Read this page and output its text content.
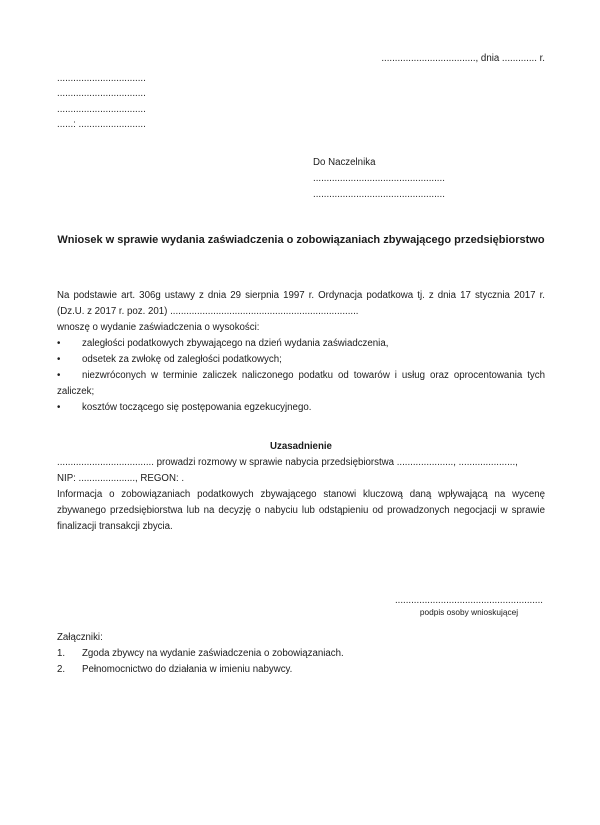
..................................., dnia ............. r.
.................................
.................................
.................................
......: .........................
Do Naczelnika
.................................................
.................................................
Wniosek w sprawie wydania zaświadczenia o zobowiązaniach zbywającego przedsiębiorstwo
Na podstawie art. 306g ustawy z dnia 29 sierpnia 1997 r. Ordynacja podatkowa tj. z dnia 17 stycznia 2017 r.
(Dz.U. z 2017 r. poz. 201) ......................................................................
wnoszę o wydanie zaświadczenia o wysokości:
• zaległości podatkowych zbywającego na dzień wydania zaświadczenia,
• odsetek za zwłokę od zaległości podatkowych;
• niezwróconych w terminie zaliczek naliczonego podatku od towarów i usług oraz oprocentowania tych zaliczek;
• kosztów toczącego się postępowania egzekucyjnego.
Uzasadnienie
.................................... prowadzi rozmowy w sprawie nabycia przedsiębiorstwa ....................., .....................,
NIP: ....................., REGON: .
Informacja o zobowiązaniach podatkowych zbywającego stanowi kluczową daną wpływającą na wycenę
zbywanego przedsiębiorstwa lub na decyzję o nabyciu lub odstąpieniu od prowadzonych negocjacji w sprawie
finalizacji transakcji zbycia.
.......................................................
podpis osoby wnioskującej
Załączniki:
1. Zgoda zbywcy na wydanie zaświadczenia o zobowiązaniach.
2. Pełnomocnictwo do działania w imieniu nabywcy.
